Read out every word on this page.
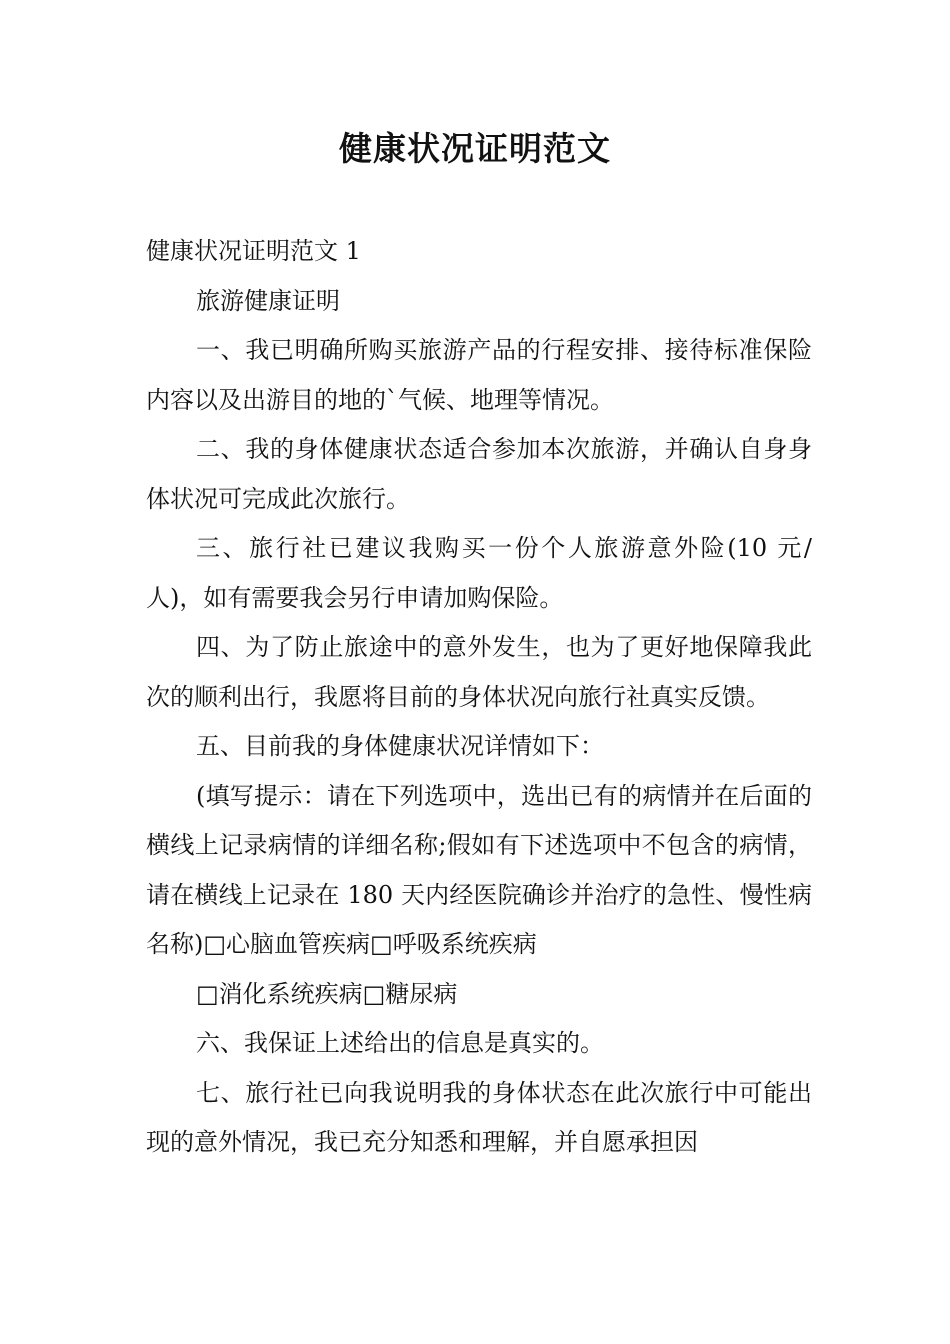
健康状况证明范文

健康状况证明范文 1

旅游健康证明

一、我已明确所购买旅游产品的行程安排、接待标准保险内容以及出游目的地的`气候、地理等情况。

二、我的身体健康状态适合参加本次旅游，并确认自身身体状况可完成此次旅行。

三、旅行社已建议我购买一份个人旅游意外险(10 元/人)，如有需要我会另行申请加购保险。

四、为了防止旅途中的意外发生，也为了更好地保障我此次的顺利出行，我愿将目前的身体状况向旅行社真实反馈。

五、目前我的身体健康状况详情如下：

(填写提示：请在下列选项中，选出已有的病情并在后面的横线上记录病情的详细名称;假如有下述选项中不包含的病情，请在横线上记录在 180 天内经医院确诊并治疗的急性、慢性病名称)□心脑血管疾病□呼吸系统疾病

□消化系统疾病□糖尿病

六、我保证上述给出的信息是真实的。

七、旅行社已向我说明我的身体状态在此次旅行中可能出现的意外情况，我已充分知悉和理解，并自愿承担因
